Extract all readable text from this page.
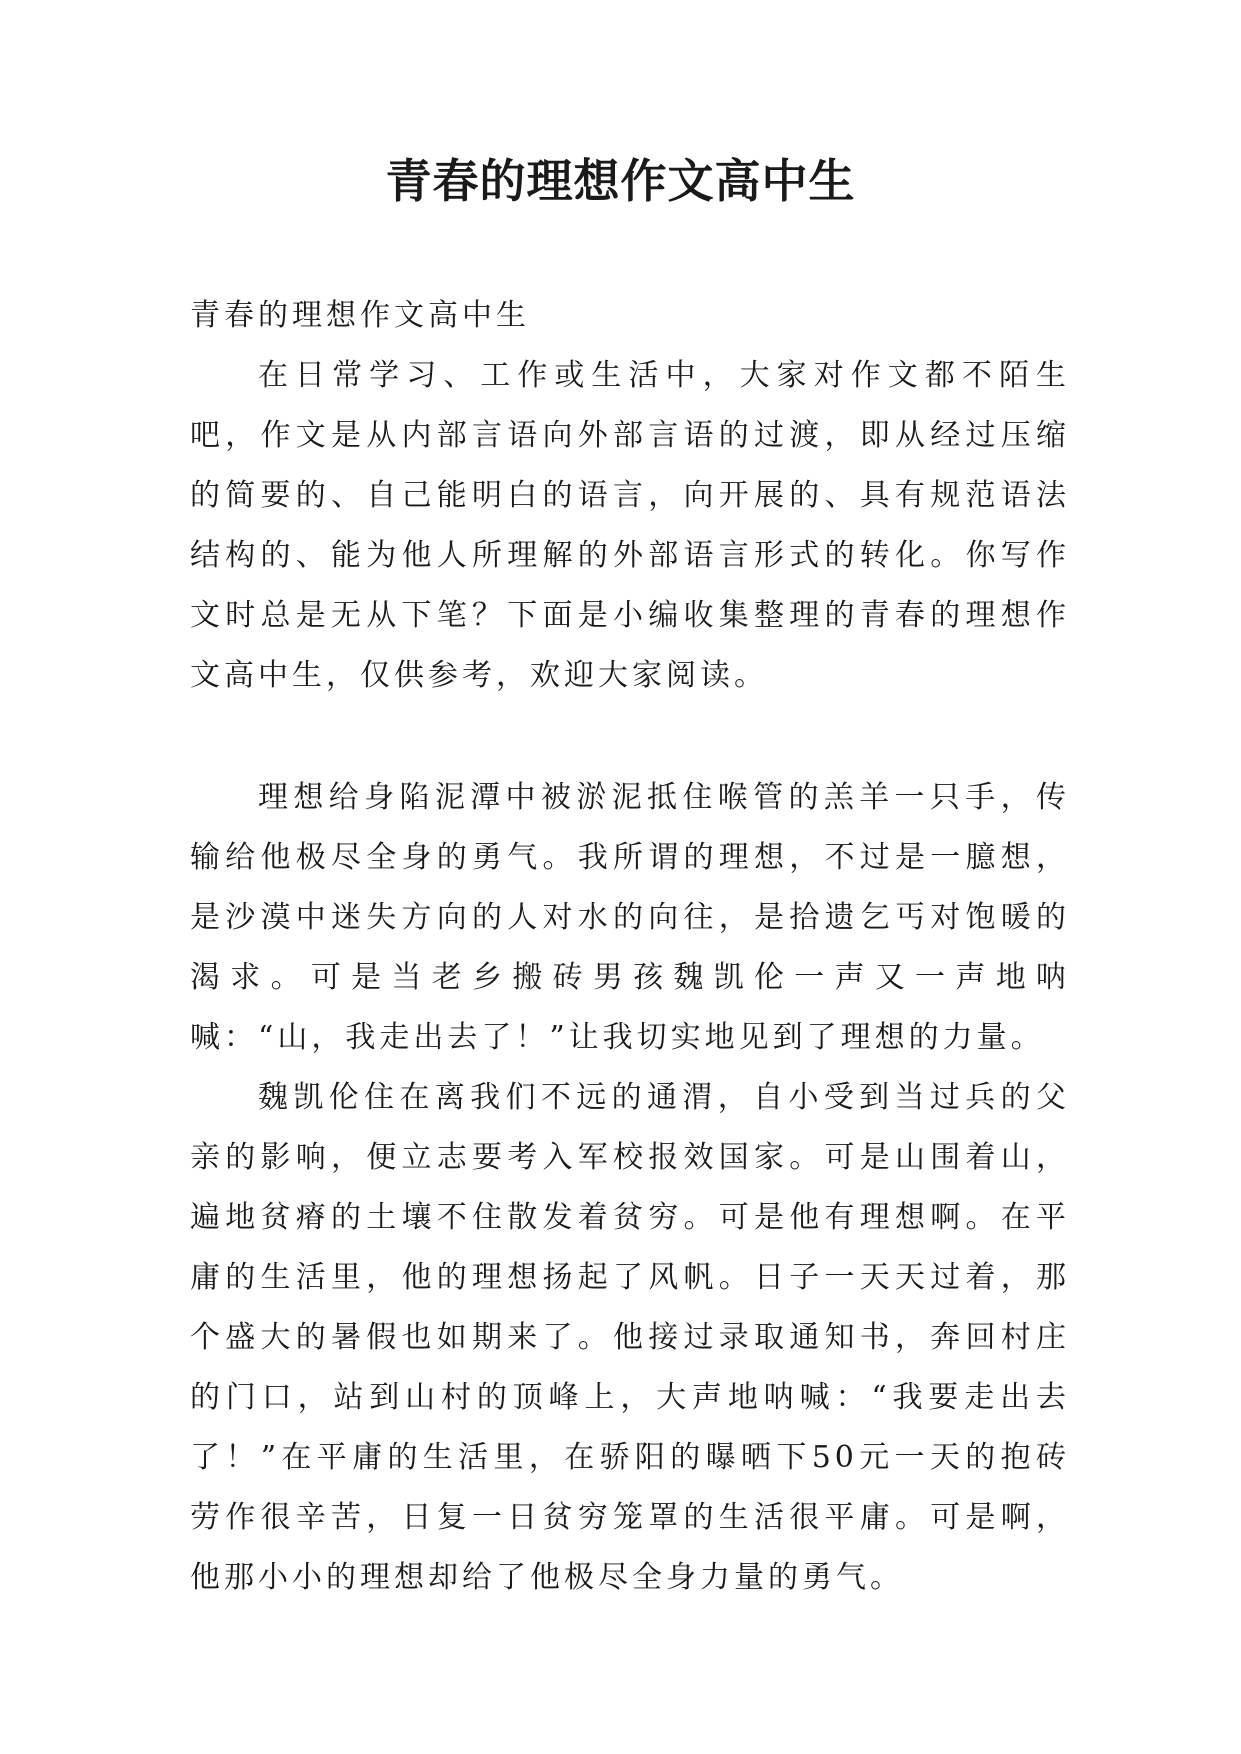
青春的理想作文高中生

青春的理想作文高中生

在日常学习、工作或生活中，大家对作文都不陌生吧，作文是从内部言语向外部言语的过渡，即从经过压缩的简要的、自己能明白的语言，向开展的、具有规范语法结构的、能为他人所理解的外部语言形式的转化。你写作文时总是无从下笔？下面是小编收集整理的青春的理想作文高中生，仅供参考，欢迎大家阅读。

理想给身陷泥潭中被淤泥抵住喉管的羔羊一只手，传输给他极尽全身的勇气。我所谓的理想，不过是一臆想，是沙漠中迷失方向的人对水的向往，是拾遗乞丐对饱暖的渴求。可是当老乡搬砖男孩魏凯伦一声又一声地呐喊：“山，我走出去了！”让我切实地见到了理想的力量。

魏凯伦住在离我们不远的通渭，自小受到当过兵的父亲的影响，便立志要考入军校报效国家。可是山围着山，遍地贫瘠的土壤不住散发着贫穷。可是他有理想啊。在平庸的生活里，他的理想扬起了风帆。日子一天天过着，那个盛大的暑假也如期来了。他接过录取通知书，奔回村庄的门口，站到山村的顶峰上，大声地呐喊：“我要走出去了！”在平庸的生活里，在骄阳的曝晒下50元一天的抱砖劳作很辛苦，日复一日贫穷笼罩的生活很平庸。可是啊，他那小小的理想却给了他极尽全身力量的勇气。
